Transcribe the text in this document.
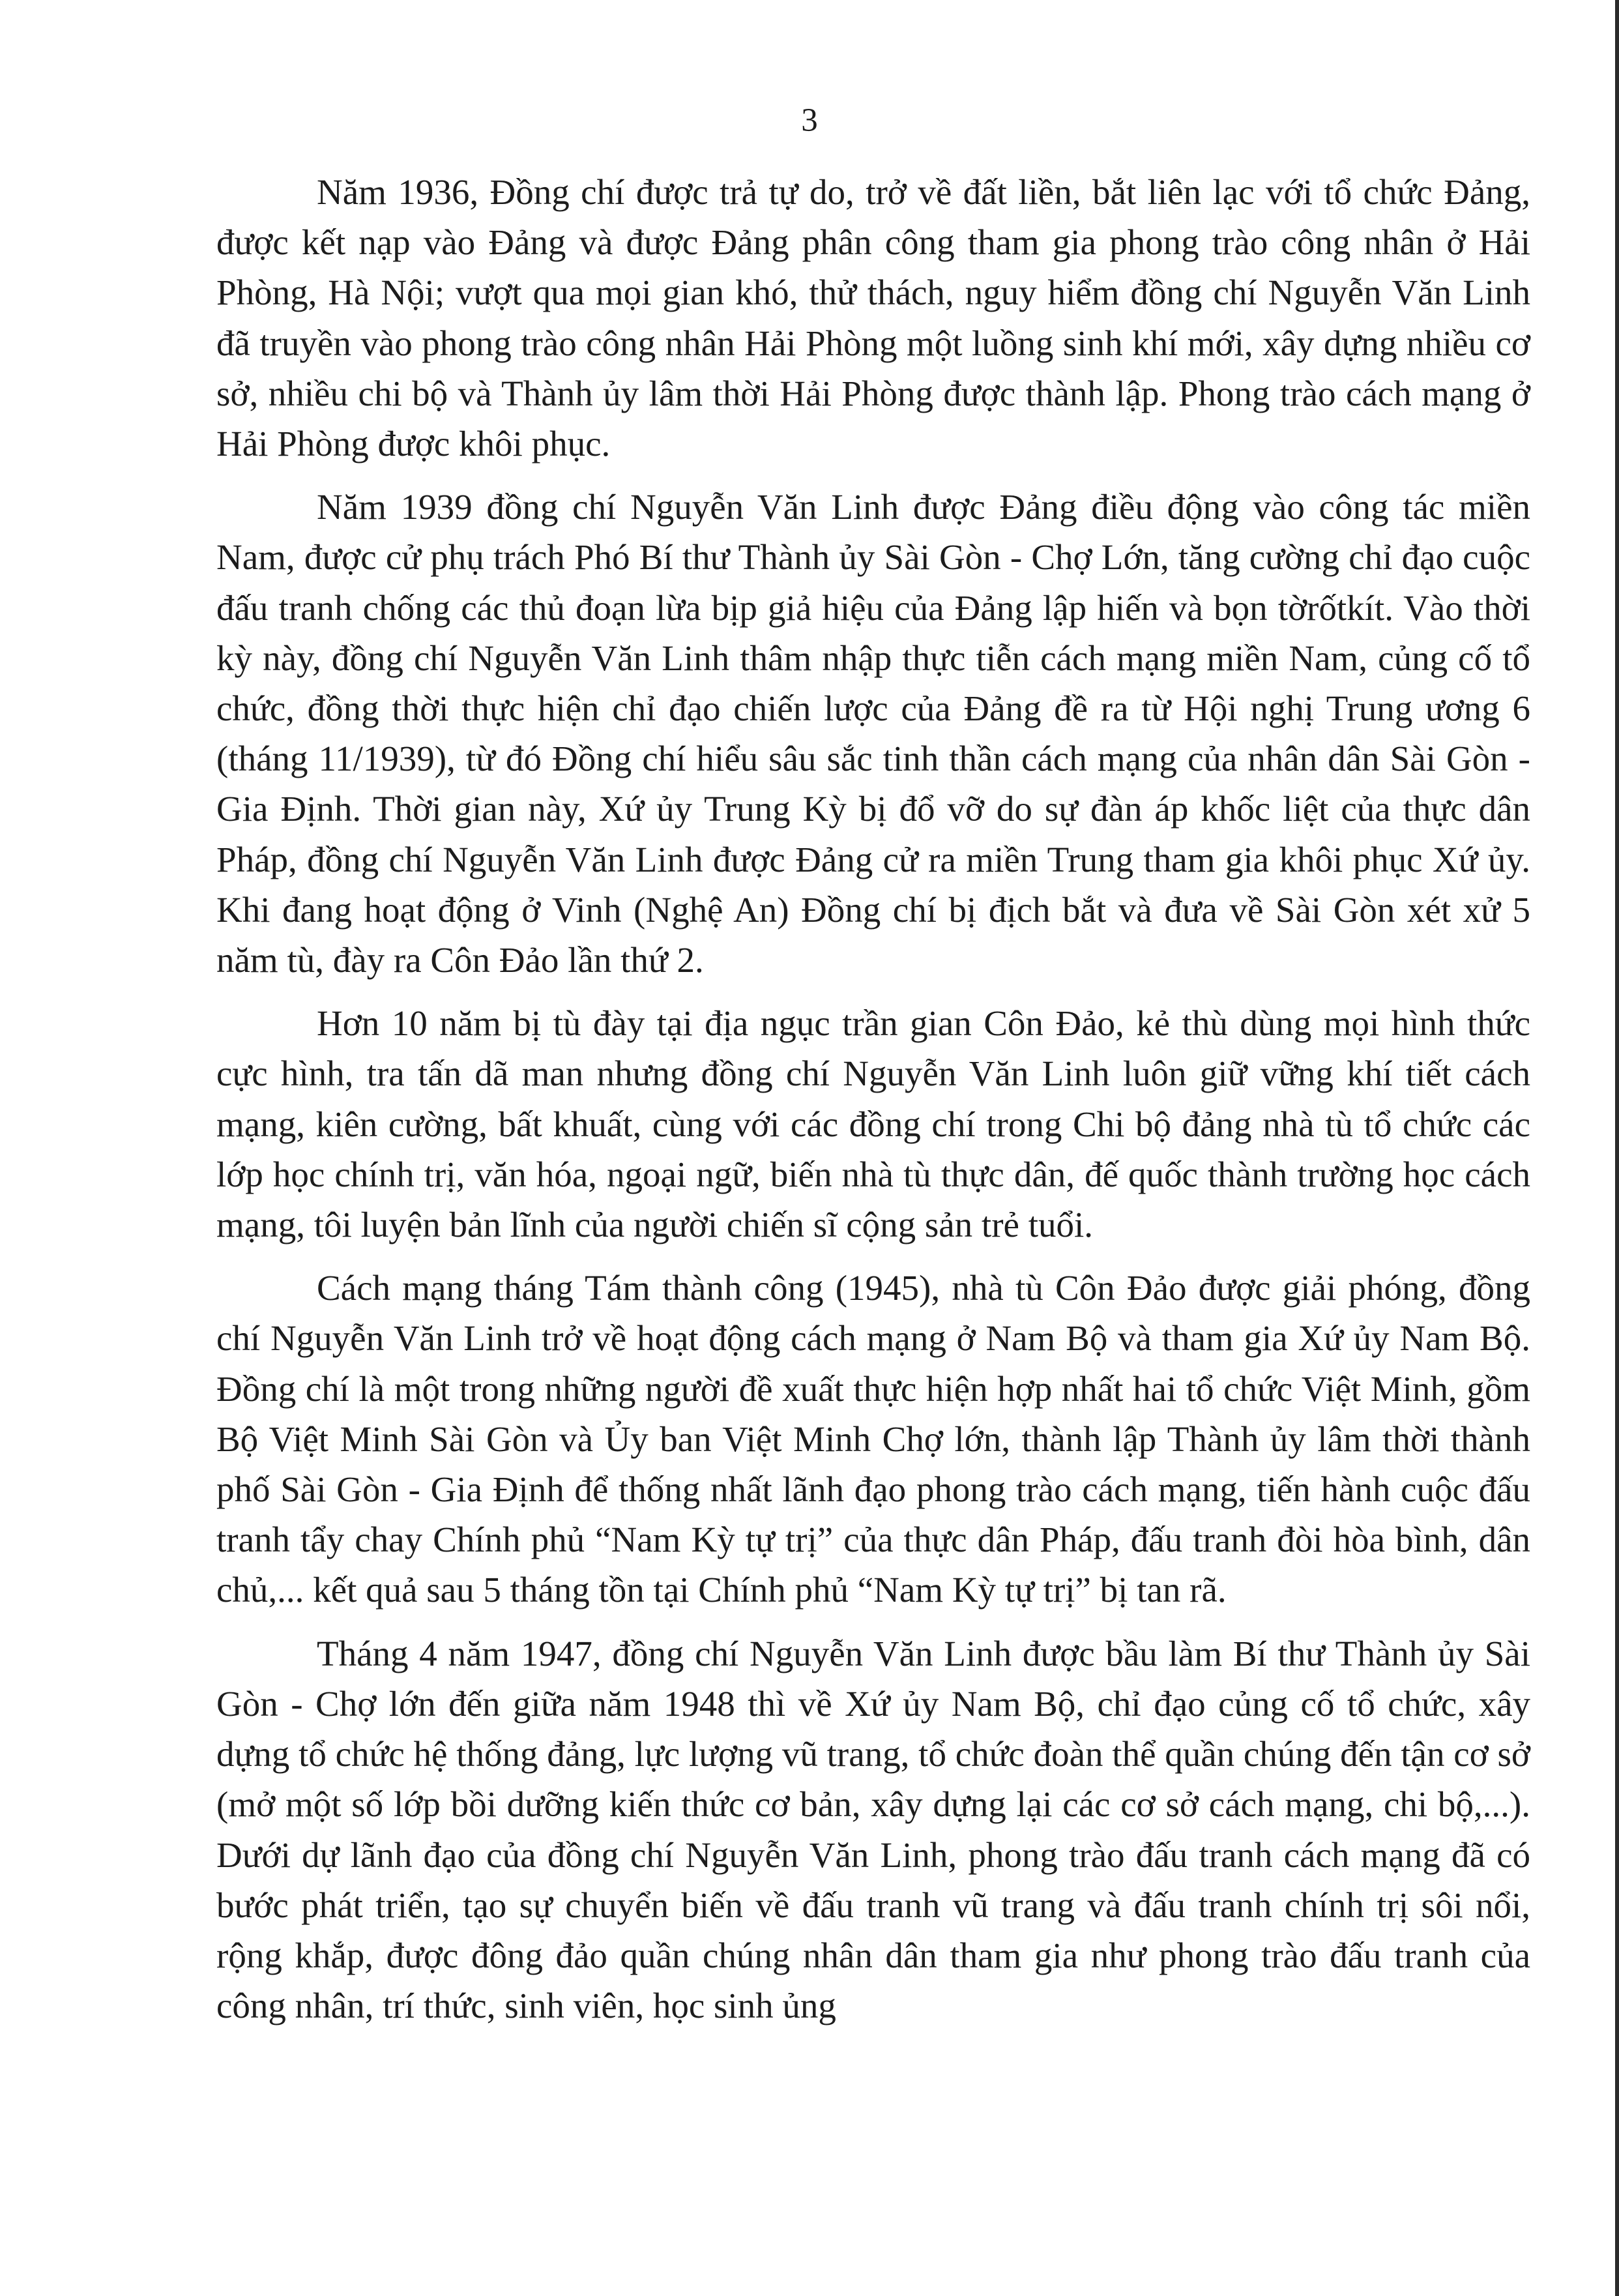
3

Năm 1936, Đồng chí được trả tự do, trở về đất liền, bắt liên lạc với tổ chức Đảng, được kết nạp vào Đảng và được Đảng phân công tham gia phong trào công nhân ở Hải Phòng, Hà Nội; vượt qua mọi gian khó, thử thách, nguy hiểm đồng chí Nguyễn Văn Linh đã truyền vào phong trào công nhân Hải Phòng một luồng sinh khí mới, xây dựng nhiều cơ sở, nhiều chi bộ và Thành ủy lâm thời Hải Phòng được thành lập. Phong trào cách mạng ở Hải Phòng được khôi phục.

Năm 1939 đồng chí Nguyễn Văn Linh được Đảng điều động vào công tác miền Nam, được cử phụ trách Phó Bí thư Thành ủy Sài Gòn - Chợ Lớn, tăng cường chỉ đạo cuộc đấu tranh chống các thủ đoạn lừa bịp giả hiệu của Đảng lập hiến và bọn tờrốtkít. Vào thời kỳ này, đồng chí Nguyễn Văn Linh thâm nhập thực tiễn cách mạng miền Nam, củng cố tổ chức, đồng thời thực hiện chỉ đạo chiến lược của Đảng đề ra từ Hội nghị Trung ương 6 (tháng 11/1939), từ đó Đồng chí hiểu sâu sắc tinh thần cách mạng của nhân dân Sài Gòn - Gia Định. Thời gian này, Xứ ủy Trung Kỳ bị đổ vỡ do sự đàn áp khốc liệt của thực dân Pháp, đồng chí Nguyễn Văn Linh được Đảng cử ra miền Trung tham gia khôi phục Xứ ủy. Khi đang hoạt động ở Vinh (Nghệ An) Đồng chí bị địch bắt và đưa về Sài Gòn xét xử 5 năm tù, đày ra Côn Đảo lần thứ 2.

Hơn 10 năm bị tù đày tại địa ngục trần gian Côn Đảo, kẻ thù dùng mọi hình thức cực hình, tra tấn dã man nhưng đồng chí Nguyễn Văn Linh luôn giữ vững khí tiết cách mạng, kiên cường, bất khuất, cùng với các đồng chí trong Chi bộ đảng nhà tù tổ chức các lớp học chính trị, văn hóa, ngoại ngữ, biến nhà tù thực dân, đế quốc thành trường học cách mạng, tôi luyện bản lĩnh của người chiến sĩ cộng sản trẻ tuổi.

Cách mạng tháng Tám thành công (1945), nhà tù Côn Đảo được giải phóng, đồng chí Nguyễn Văn Linh trở về hoạt động cách mạng ở Nam Bộ và tham gia Xứ ủy Nam Bộ. Đồng chí là một trong những người đề xuất thực hiện hợp nhất hai tổ chức Việt Minh, gồm Bộ Việt Minh Sài Gòn và Ủy ban Việt Minh Chợ lớn, thành lập Thành ủy lâm thời thành phố Sài Gòn - Gia Định để thống nhất lãnh đạo phong trào cách mạng, tiến hành cuộc đấu tranh tẩy chay Chính phủ “Nam Kỳ tự trị” của thực dân Pháp, đấu tranh đòi hòa bình, dân chủ,... kết quả sau 5 tháng tồn tại Chính phủ “Nam Kỳ tự trị” bị tan rã.

Tháng 4 năm 1947, đồng chí Nguyễn Văn Linh được bầu làm Bí thư Thành ủy Sài Gòn - Chợ lớn đến giữa năm 1948 thì về Xứ ủy Nam Bộ, chỉ đạo củng cố tổ chức, xây dựng tổ chức hệ thống đảng, lực lượng vũ trang, tổ chức đoàn thể quần chúng đến tận cơ sở (mở một số lớp bồi dưỡng kiến thức cơ bản, xây dựng lại các cơ sở cách mạng, chi bộ,...). Dưới dự lãnh đạo của đồng chí Nguyễn Văn Linh, phong trào đấu tranh cách mạng đã có bước phát triển, tạo sự chuyển biến về đấu tranh vũ trang và đấu tranh chính trị sôi nổi, rộng khắp, được đông đảo quần chúng nhân dân tham gia như phong trào đấu tranh của công nhân, trí thức, sinh viên, học sinh ủng
